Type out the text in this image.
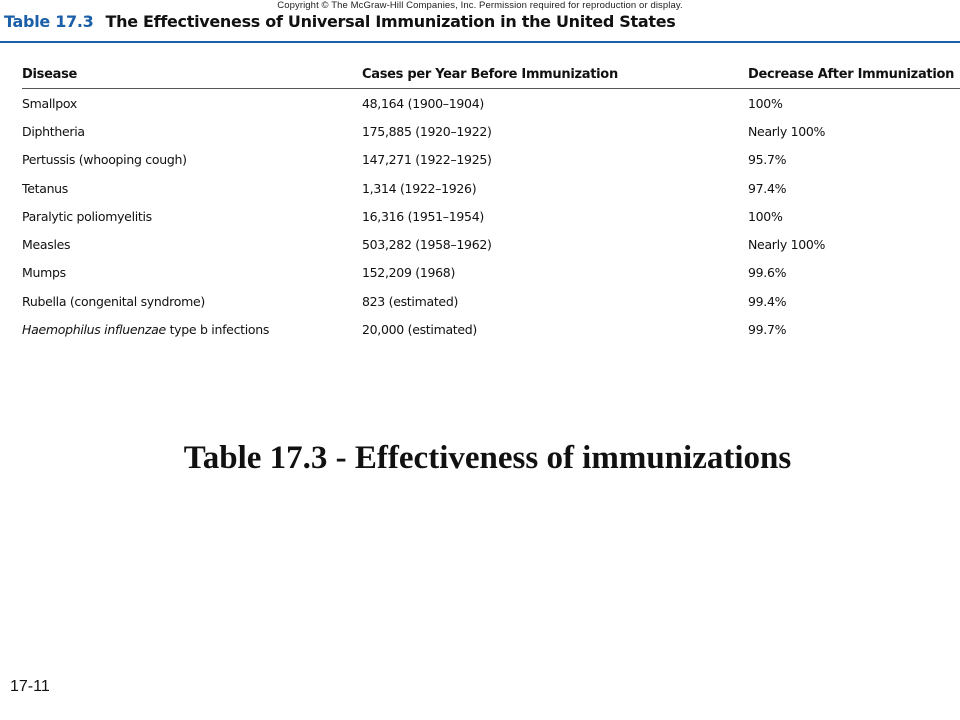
Copyright © The McGraw-Hill Companies, Inc. Permission required for reproduction or display.
Table 17.3 The Effectiveness of Universal Immunization in the United States
Disease	Cases per Year Before Immunization	Decrease After Immunization
Smallpox	48,164 (1900–1904)	100%
Diphtheria	175,885 (1920–1922)	Nearly 100%
Pertussis (whooping cough)	147,271 (1922–1925)	95.7%
Tetanus	1,314 (1922–1926)	97.4%
Paralytic poliomyelitis	16,316 (1951–1954)	100%
Measles	503,282 (1958–1962)	Nearly 100%
Mumps	152,209 (1968)	99.6%
Rubella (congenital syndrome)	823 (estimated)	99.4%
Haemophilus influenzae type b infections	20,000 (estimated)	99.7%
Table 17.3 - Effectiveness of immunizations
17-11
